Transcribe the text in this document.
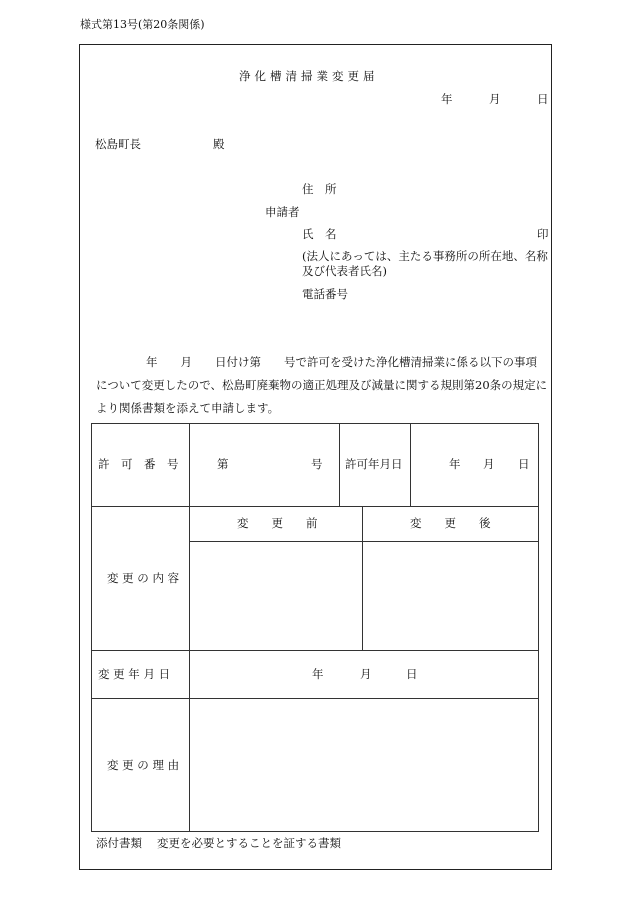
様式第13号(第20条関係)
浄化槽清掃業変更届
年	月	日
松島町長	殿
住　所
申請者
氏　名	印
(法人にあっては、主たる事務所の所在地、名称
及び代表者氏名)
電話番号
年　　月　　日付け第　　号で許可を受けた浄化槽清掃業に係る以下の事項
について変更したので、松島町廃棄物の適正処理及び減量に関する規則第20条の規定に
より関係書類を添えて申請します。
許　可　番　号	第	号 許可年月日	年 月 日
変 更 の 内 容
変　　更　　前	変　　更　　後
変 更 年 月 日	年	月	日
変 更 の 理 由
添付書類 変更を必要とすることを証する書類
